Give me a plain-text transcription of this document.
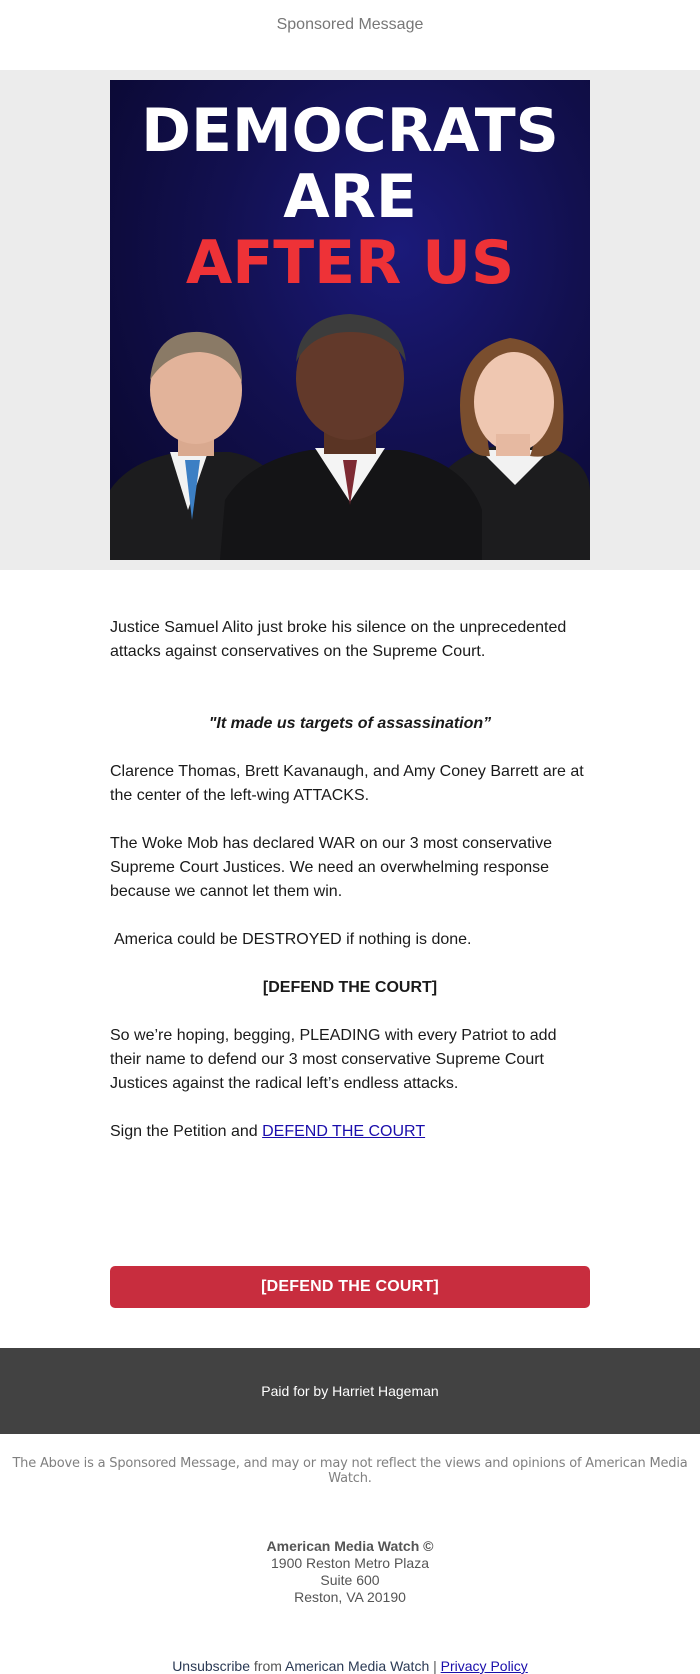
Sponsored Message
DEMOCRATS
ARE
AFTER US

Justice Samuel Alito just broke his silence on the unprecedented attacks against conservatives on the Supreme Court.

"It made us targets of assassination”

Clarence Thomas, Brett Kavanaugh, and Amy Coney Barrett are at the center of the left-wing ATTACKS.

The Woke Mob has declared WAR on our 3 most conservative Supreme Court Justices. We need an overwhelming response because we cannot let them win.

America could be DESTROYED if nothing is done.

[DEFEND THE COURT]

So we’re hoping, begging, PLEADING with every Patriot to add their name to defend our 3 most conservative Supreme Court Justices against the radical left’s endless attacks.

Sign the Petition and DEFEND THE COURT

[DEFEND THE COURT]
Paid for by Harriet Hageman
The Above is a Sponsored Message, and may or may not reflect the views and opinions of American Media Watch.
American Media Watch ©
1900 Reston Metro Plaza
Suite 600
Reston, VA 20190
Unsubscribe from American Media Watch | Privacy Policy
